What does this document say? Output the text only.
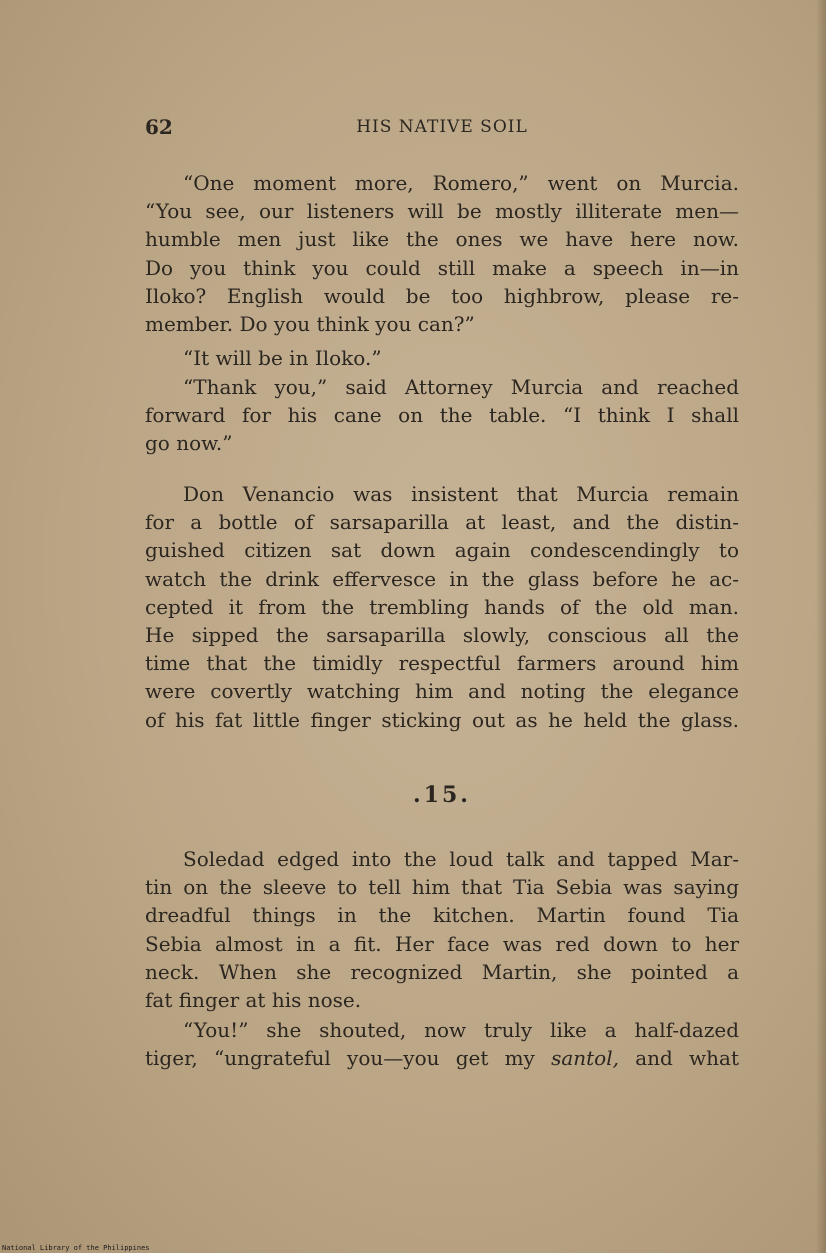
62	HIS NATIVE SOIL
“One moment more, Romero,” went on Murcia.
“You see, our listeners will be mostly illiterate men—
humble men just like the ones we have here now.
Do you think you could still make a speech in—in
Iloko? English would be too highbrow, please re-
member. Do you think you can?”
“It will be in Iloko.”
“Thank you,” said Attorney Murcia and reached
forward for his cane on the table. “I think I shall
go now.”
Don Venancio was insistent that Murcia remain
for a bottle of sarsaparilla at least, and the distin-
guished citizen sat down again condescendingly to
watch the drink effervesce in the glass before he ac-
cepted it from the trembling hands of the old man.
He sipped the sarsaparilla slowly, conscious all the
time that the timidly respectful farmers around him
were covertly watching him and noting the elegance
of his fat little finger sticking out as he held the glass.
.15.
Soledad edged into the loud talk and tapped Mar-
tin on the sleeve to tell him that Tia Sebia was saying
dreadful things in the kitchen. Martin found Tia
Sebia almost in a fit. Her face was red down to her
neck. When she recognized Martin, she pointed a
fat finger at his nose.
“You!” she shouted, now truly like a half-dazed
tiger, “ungrateful you—you get my santol, and what
National Library of the Philippines
